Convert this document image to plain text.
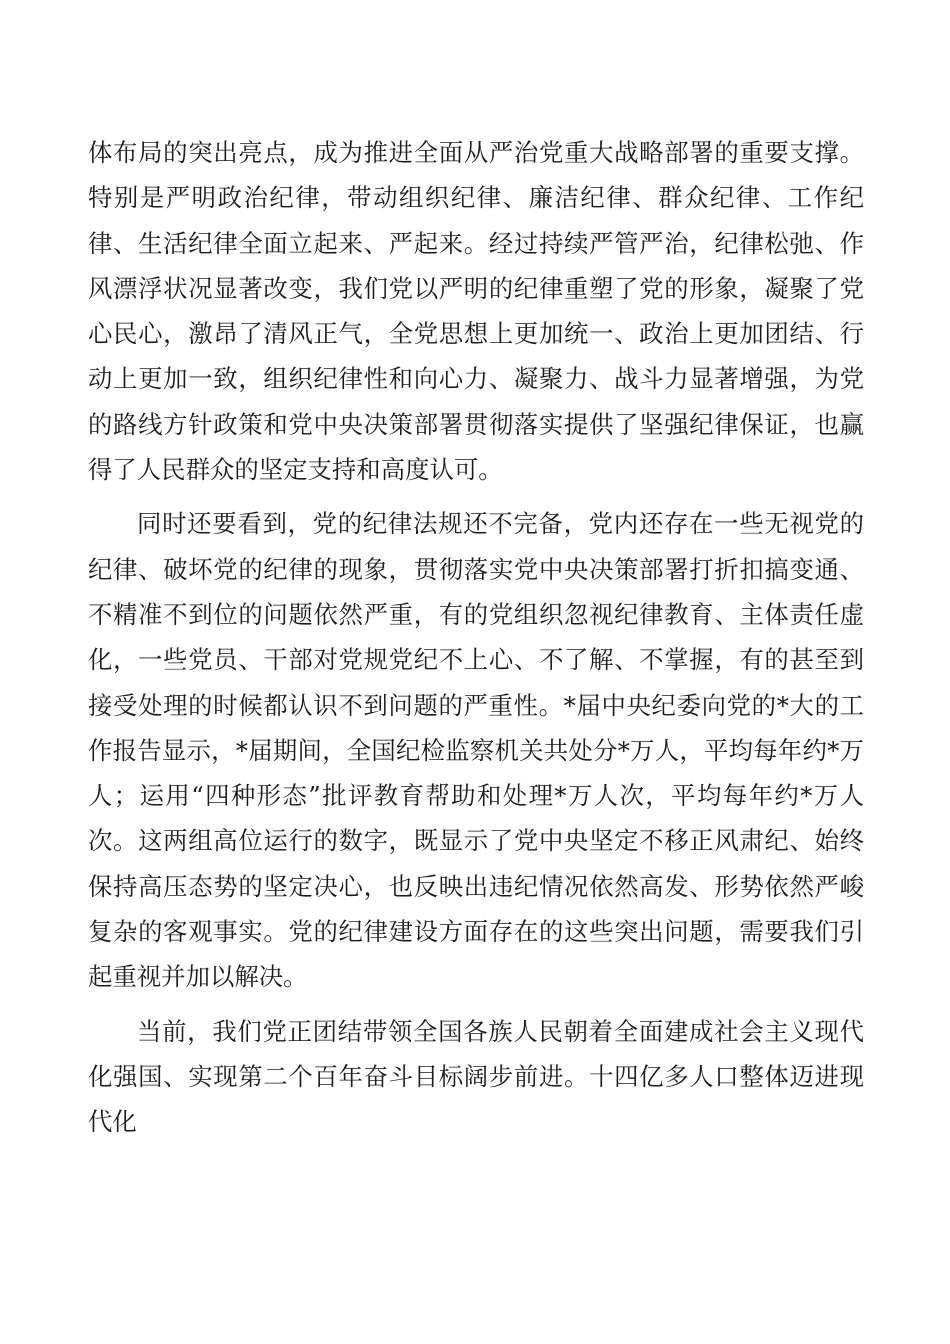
体布局的突出亮点，成为推进全面从严治党重大战略部署的重要支撑。特别是严明政治纪律，带动组织纪律、廉洁纪律、群众纪律、工作纪律、生活纪律全面立起来、严起来。经过持续严管严治，纪律松弛、作风漂浮状况显著改变，我们党以严明的纪律重塑了党的形象，凝聚了党心民心，激昂了清风正气，全党思想上更加统一、政治上更加团结、行动上更加一致，组织纪律性和向心力、凝聚力、战斗力显著增强，为党的路线方针政策和党中央决策部署贯彻落实提供了坚强纪律保证，也赢得了人民群众的坚定支持和高度认可。

同时还要看到，党的纪律法规还不完备，党内还存在一些无视党的纪律、破坏党的纪律的现象，贯彻落实党中央决策部署打折扣搞变通、不精准不到位的问题依然严重，有的党组织忽视纪律教育、主体责任虚化，一些党员、干部对党规党纪不上心、不了解、不掌握，有的甚至到接受处理的时候都认识不到问题的严重性。*届中央纪委向党的*大的工作报告显示，*届期间，全国纪检监察机关共处分*万人，平均每年约*万人；运用“四种形态”批评教育帮助和处理*万人次，平均每年约*万人次。这两组高位运行的数字，既显示了党中央坚定不移正风肃纪、始终保持高压态势的坚定决心，也反映出违纪情况依然高发、形势依然严峻复杂的客观事实。党的纪律建设方面存在的这些突出问题，需要我们引起重视并加以解决。

当前，我们党正团结带领全国各族人民朝着全面建成社会主义现代化强国、实现第二个百年奋斗目标阔步前进。十四亿多人口整体迈进现代化
